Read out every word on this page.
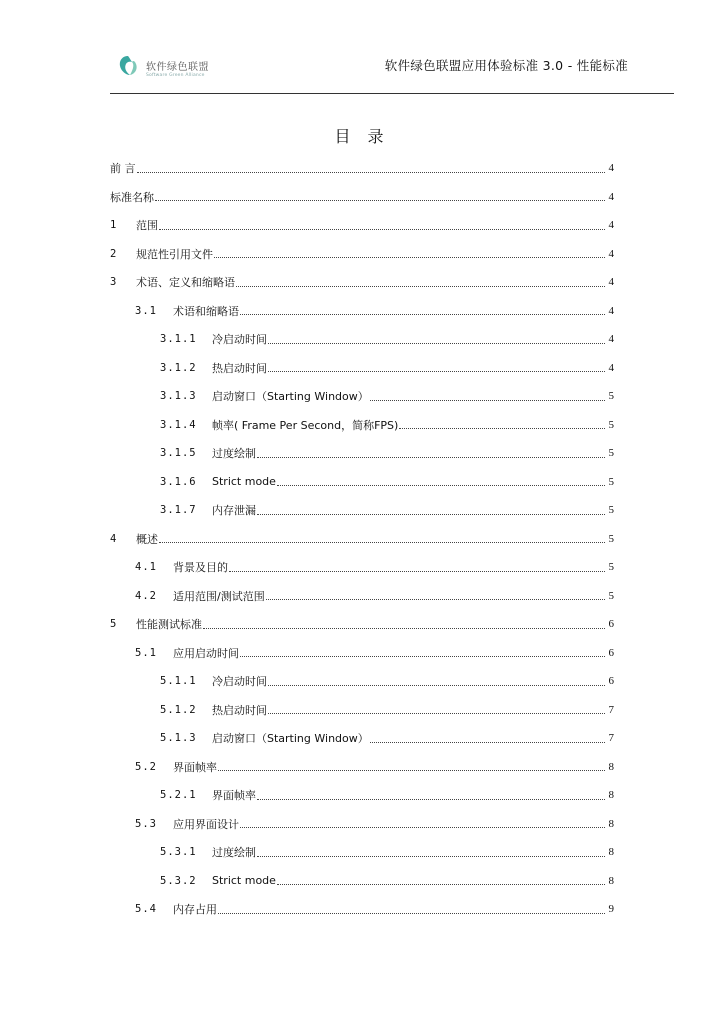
软件绿色联盟
Software Green Alliance
软件绿色联盟应用体验标准 3.0 - 性能标准
目 录
前 言	4
标准名称	4
1	范围	4
2	规范性引用文件	4
3	术语、定义和缩略语	4
3.1	术语和缩略语	4
3.1.1	冷启动时间	4
3.1.2	热启动时间	4
3.1.3	启动窗口（Starting Window）	5
3.1.4	帧率( Frame Per Second，简称FPS)	5
3.1.5	过度绘制	5
3.1.6	Strict mode	5
3.1.7	内存泄漏	5
4	概述	5
4.1	背景及目的	5
4.2	适用范围/测试范围	5
5	性能测试标准	6
5.1	应用启动时间	6
5.1.1	冷启动时间	6
5.1.2	热启动时间	7
5.1.3	启动窗口（Starting Window）	7
5.2	界面帧率	8
5.2.1	界面帧率	8
5.3	应用界面设计	8
5.3.1	过度绘制	8
5.3.2	Strict mode	8
5.4	内存占用	9
